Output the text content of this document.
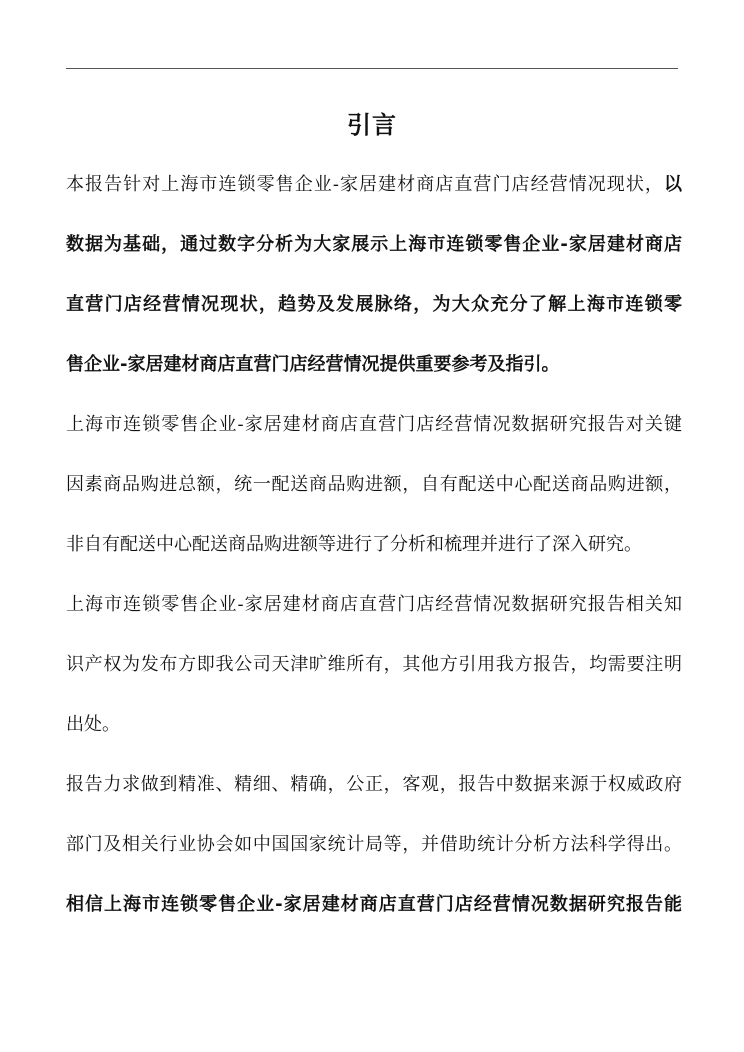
引言
本报告针对上海市连锁零售企业-家居建材商店直营门店经营情况现状，以
数据为基础，通过数字分析为大家展示上海市连锁零售企业-家居建材商店
直营门店经营情况现状，趋势及发展脉络，为大众充分了解上海市连锁零
售企业-家居建材商店直营门店经营情况提供重要参考及指引。
上海市连锁零售企业-家居建材商店直营门店经营情况数据研究报告对关键
因素商品购进总额，统一配送商品购进额，自有配送中心配送商品购进额，
非自有配送中心配送商品购进额等进行了分析和梳理并进行了深入研究。
上海市连锁零售企业-家居建材商店直营门店经营情况数据研究报告相关知
识产权为发布方即我公司天津旷维所有，其他方引用我方报告，均需要注明
出处。
报告力求做到精准、精细、精确，公正，客观，报告中数据来源于权威政府
部门及相关行业协会如中国国家统计局等，并借助统计分析方法科学得出。
相信上海市连锁零售企业-家居建材商店直营门店经营情况数据研究报告能
